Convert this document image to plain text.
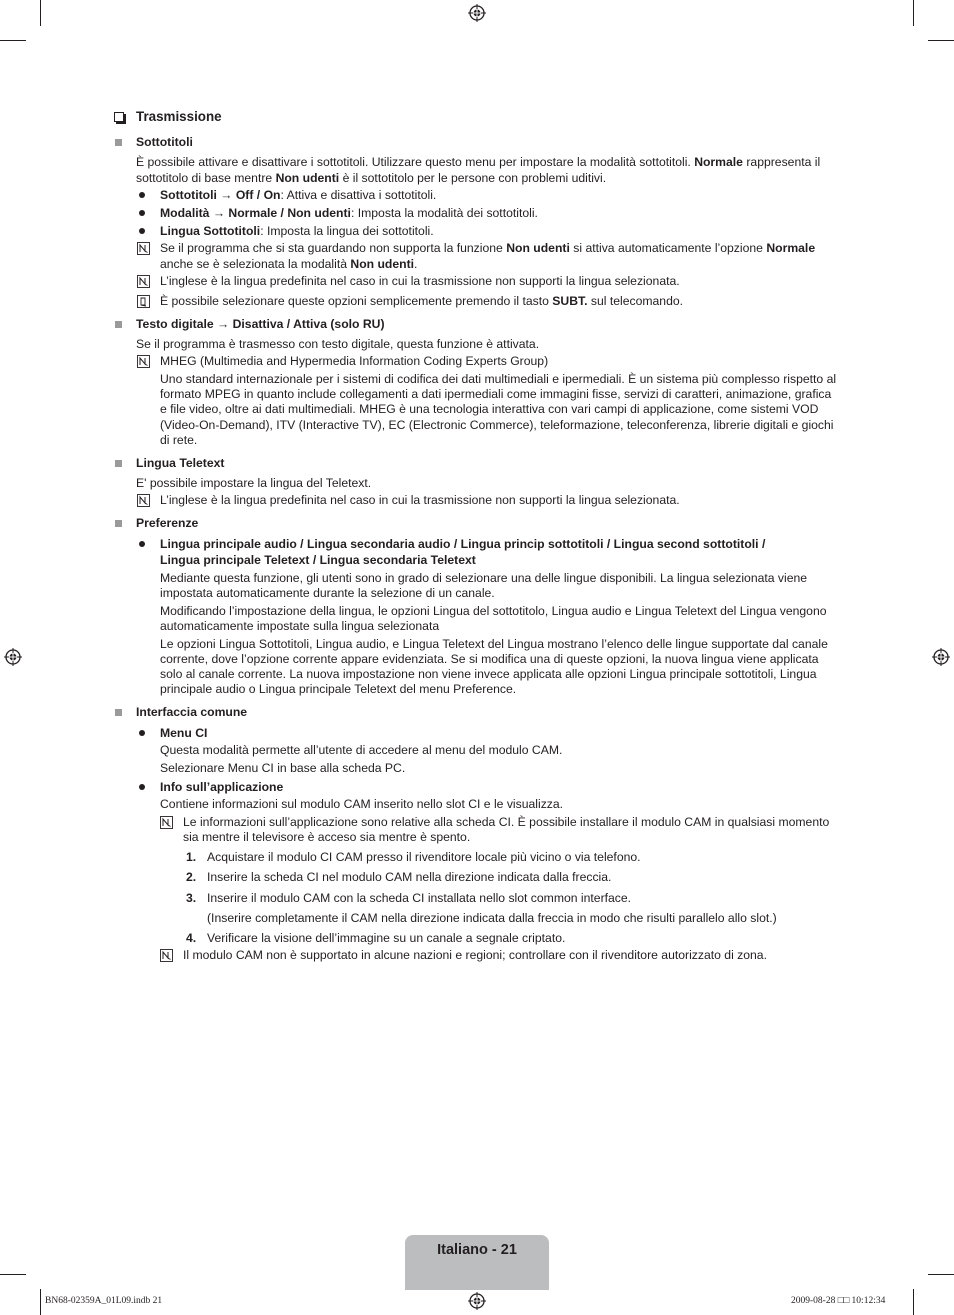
Trasmissione
Sottotitoli
È possibile attivare e disattivare i sottotitoli. Utilizzare questo menu per impostare la modalità sottotitoli. Normale rappresenta il
sottotitolo di base mentre Non udenti è il sottotitolo per le persone con problemi uditivi.
Sottotitoli → Off / On: Attiva e disattiva i sottotitoli.
Modalità → Normale / Non udenti: Imposta la modalità dei sottotitoli.
Lingua Sottotitoli: Imposta la lingua dei sottotitoli.
Se il programma che si sta guardando non supporta la funzione Non udenti si attiva automaticamente l’opzione Normale
anche se è selezionata la modalità Non udenti.
L’inglese è la lingua predefinita nel caso in cui la trasmissione non supporti la lingua selezionata.
È possibile selezionare queste opzioni semplicemente premendo il tasto SUBT. sul telecomando.
Testo digitale → Disattiva / Attiva (solo RU)
Se il programma è trasmesso con testo digitale, questa funzione è attivata.
MHEG (Multimedia and Hypermedia Information Coding Experts Group)
Uno standard internazionale per i sistemi di codifica dei dati multimediali e ipermediali. È un sistema più complesso rispetto al
formato MPEG in quanto include collegamenti a dati ipermediali come immagini fisse, servizi di caratteri, animazione, grafica
e file video, oltre ai dati multimediali. MHEG è una tecnologia interattiva con vari campi di applicazione, come sistemi VOD
(Video-On-Demand), ITV (Interactive TV), EC (Electronic Commerce), teleformazione, teleconferenza, librerie digitali e giochi
di rete.
Lingua Teletext
E' possibile impostare la lingua del Teletext.
L’inglese è la lingua predefinita nel caso in cui la trasmissione non supporti la lingua selezionata.
Preferenze
Lingua principale audio / Lingua secondaria audio / Lingua princip sottotitoli / Lingua second sottotitoli /
Lingua principale Teletext / Lingua secondaria Teletext
Mediante questa funzione, gli utenti sono in grado di selezionare una delle lingue disponibili. La lingua selezionata viene
impostata automaticamente durante la selezione di un canale.
Modificando l’impostazione della lingua, le opzioni Lingua del sottotitolo, Lingua audio e Lingua Teletext del Lingua vengono
automaticamente impostate sulla lingua selezionata
Le opzioni Lingua Sottotitoli, Lingua audio, e Lingua Teletext del Lingua mostrano l’elenco delle lingue supportate dal canale
corrente, dove l’opzione corrente appare evidenziata. Se si modifica una di queste opzioni, la nuova lingua viene applicata
solo al canale corrente. La nuova impostazione non viene invece applicata alle opzioni Lingua principale sottotitoli, Lingua
principale audio o Lingua principale Teletext del menu Preference.
Interfaccia comune
Menu CI
Questa modalità permette all’utente di accedere al menu del modulo CAM.
Selezionare Menu CI in base alla scheda PC.
Info sull’applicazione
Contiene informazioni sul modulo CAM inserito nello slot CI e le visualizza.
Le informazioni sull’applicazione sono relative alla scheda CI. È possibile installare il modulo CAM in qualsiasi momento
sia mentre il televisore è acceso sia mentre è spento.
1. Acquistare il modulo CI CAM presso il rivenditore locale più vicino o via telefono.
2. Inserire la scheda CI nel modulo CAM nella direzione indicata dalla freccia.
3. Inserire il modulo CAM con la scheda CI installata nello slot common interface.
(Inserire completamente il CAM nella direzione indicata dalla freccia in modo che risulti parallelo allo slot.)
4. Verificare la visione dell’immagine su un canale a segnale criptato.
Il modulo CAM non è supportato in alcune nazioni e regioni; controllare con il rivenditore autorizzato di zona.
Italiano - 21
BN68-02359A_01L09.indb 21	2009-08-28 □□ 10:12:34
